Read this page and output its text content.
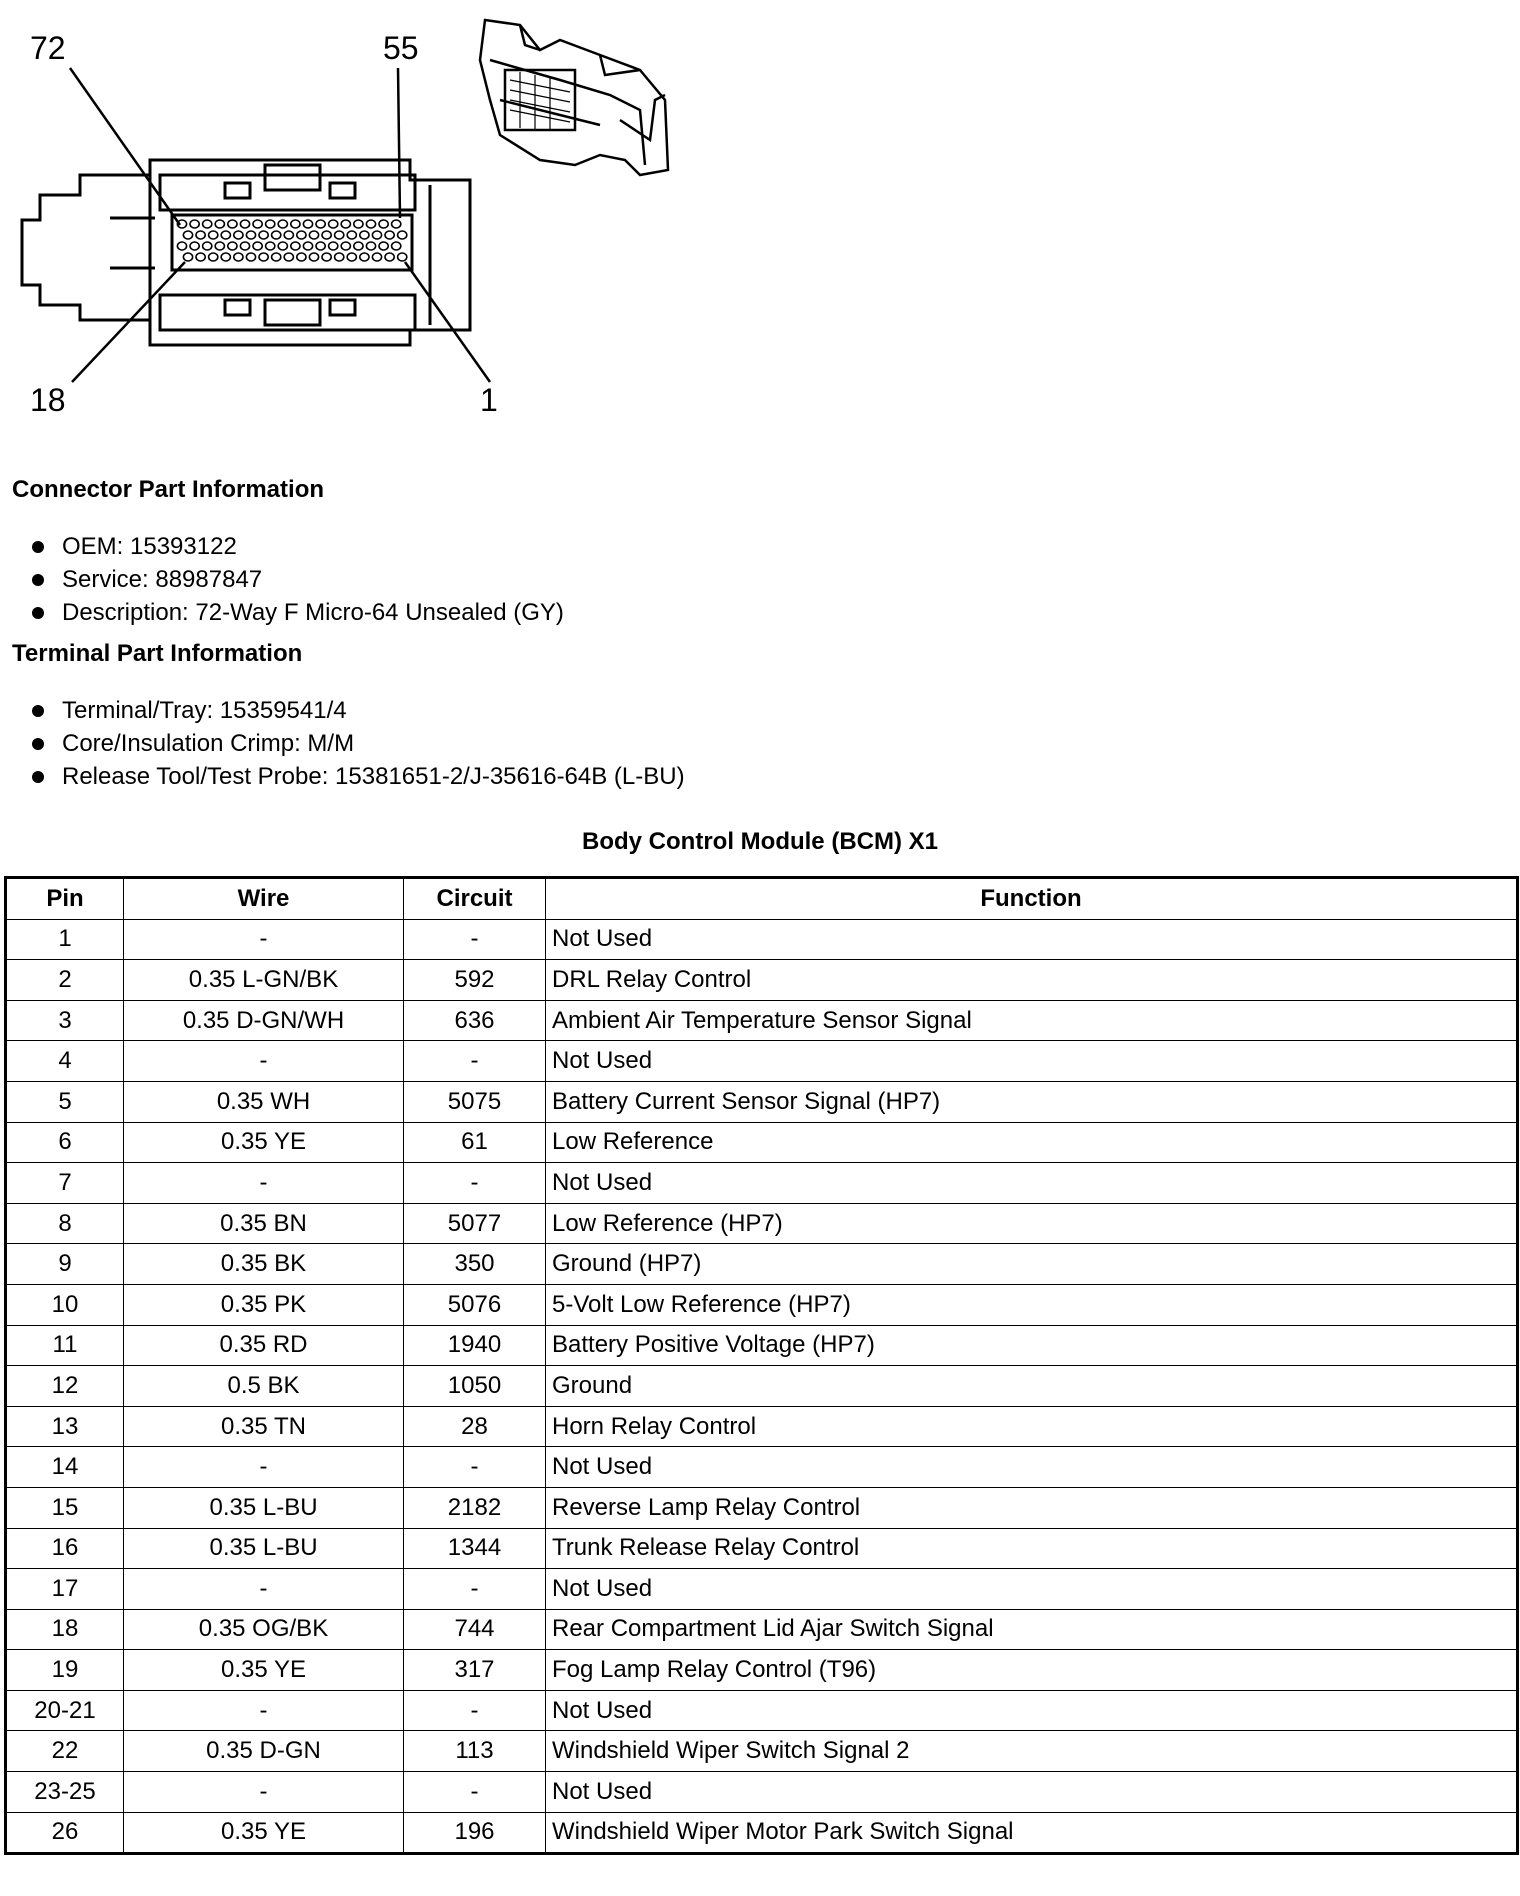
72	55
18	1
Connector Part Information
OEM: 15393122
Service: 88987847
Description: 72-Way F Micro-64 Unsealed (GY)
Terminal Part Information
Terminal/Tray: 15359541/4
Core/Insulation Crimp: M/M
Release Tool/Test Probe: 15381651-2/J-35616-64B (L-BU)
Body Control Module (BCM) X1
Pin	Wire	Circuit	Function
1	-	-	Not Used
2	0.35 L-GN/BK	592	DRL Relay Control
3	0.35 D-GN/WH	636	Ambient Air Temperature Sensor Signal
4	-	-	Not Used
5	0.35 WH	5075	Battery Current Sensor Signal (HP7)
6	0.35 YE	61	Low Reference
7	-	-	Not Used
8	0.35 BN	5077	Low Reference (HP7)
9	0.35 BK	350	Ground (HP7)
10	0.35 PK	5076	5-Volt Low Reference (HP7)
11	0.35 RD	1940	Battery Positive Voltage (HP7)
12	0.5 BK	1050	Ground
13	0.35 TN	28	Horn Relay Control
14	-	-	Not Used
15	0.35 L-BU	2182	Reverse Lamp Relay Control
16	0.35 L-BU	1344	Trunk Release Relay Control
17	-	-	Not Used
18	0.35 OG/BK	744	Rear Compartment Lid Ajar Switch Signal
19	0.35 YE	317	Fog Lamp Relay Control (T96)
20-21	-	-	Not Used
22	0.35 D-GN	113	Windshield Wiper Switch Signal 2
23-25	-	-	Not Used
26	0.35 YE	196	Windshield Wiper Motor Park Switch Signal
